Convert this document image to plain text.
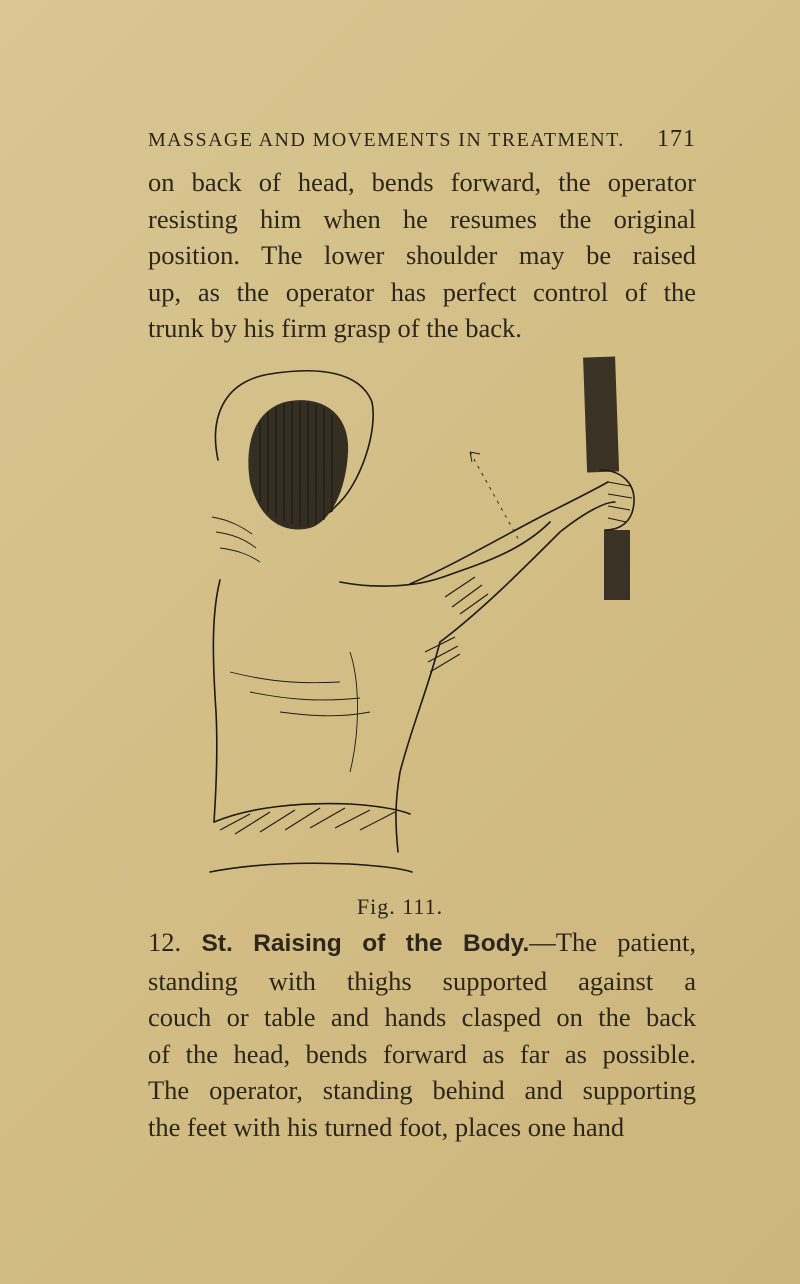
MASSAGE AND MOVEMENTS IN TREATMENT. 171
on back of head, bends forward, the operator
resisting him when he resumes the original
position. The lower shoulder may be raised
up, as the operator has perfect control of the
trunk by his firm grasp of the back.
Fig. 111.
12. St. Raising of the Body.—The patient,
standing with thighs supported against a
couch or table and hands clasped on the back
of the head, bends forward as far as possible.
The operator, standing behind and supporting
the feet with his turned foot, places one hand
